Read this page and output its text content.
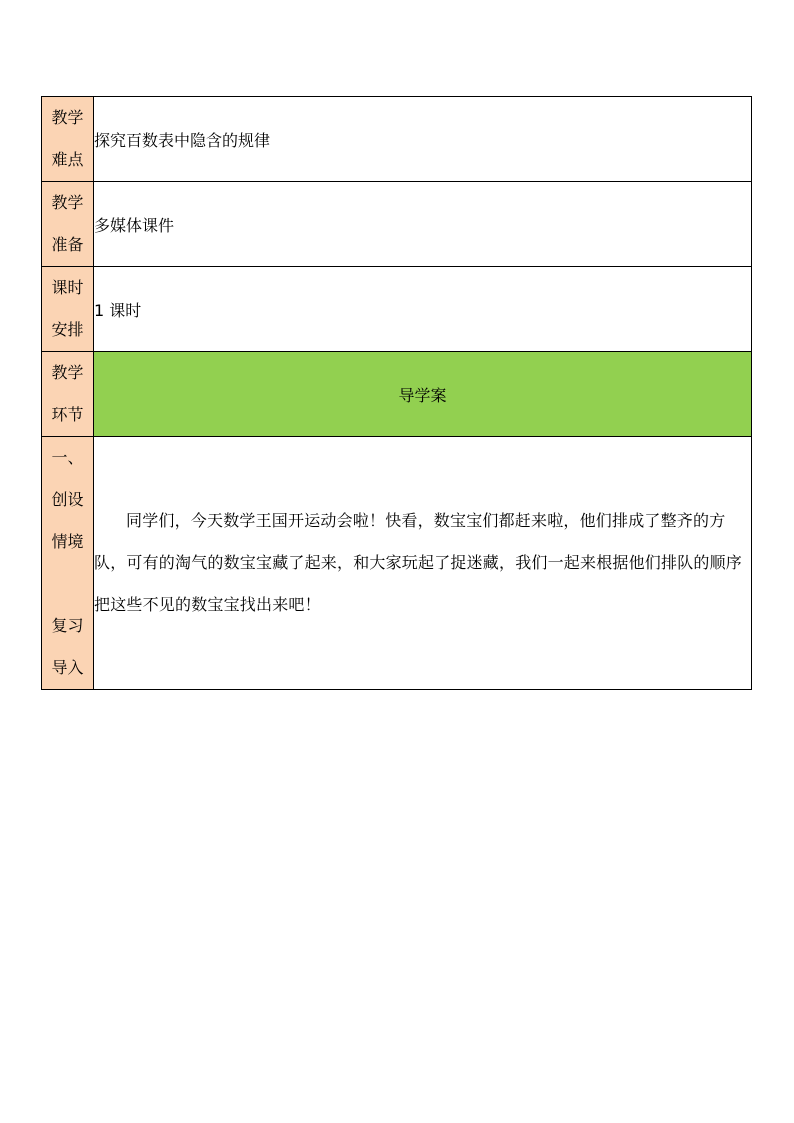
教学
难点	探究百数表中隐含的规律

教学
准备	多媒体课件

课时
安排	1 课时

教学
环节	导学案

一、
创设
情境
复习
导入	同学们，今天数学王国开运动会啦！快看，数宝宝们都赶来啦，他们排成了整齐的方队，可有的淘气的数宝宝藏了起来，和大家玩起了捉迷藏，我们一起来根据他们排队的顺序把这些不见的数宝宝找出来吧！
